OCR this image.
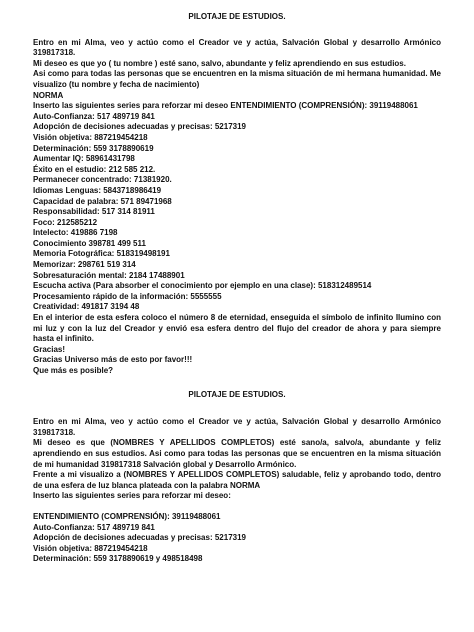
PILOTAJE DE ESTUDIOS.

Entro en mi Alma, veo y actúo como el Creador ve y actúa, Salvación Global y desarrollo Armónico 319817318.

Mi deseo es que yo ( tu nombre ) esté sano, salvo, abundante y feliz aprendiendo en sus estudios.

Asi como para todas las personas que se encuentren en la misma situación de mi hermana humanidad. Me visualizo (tu nombre y fecha de nacimiento)

NORMA

Inserto las siguientes series para reforzar mi deseo ENTENDIMIENTO (COMPRENSIÓN): 39119488061

Auto-Confianza: 517 489719 841

Adopción de decisiones adecuadas y precisas: 5217319

Visión objetiva: 887219454218

Determinación: 559 3178890619

Aumentar IQ: 58961431798

Éxito en el estudio: 212 585 212.

Permanecer concentrado: 71381920.

Idiomas Lenguas: 5843718986419

Capacidad de palabra: 571 89471968

Responsabilidad: 517 314 81911

Foco: 212585212

Intelecto: 419886 7198

Conocimiento 398781 499 511

Memoria Fotográfica: 518319498191

Memorizar: 298761 519 314

Sobresaturación mental: 2184 17488901

Escucha activa (Para absorber el conocimiento por ejemplo en una clase): 518312489514

Procesamiento rápido de la información: 5555555

Creatividad: 491817 3194 48

En el interior de esta esfera coloco el número 8 de eternidad, enseguida el símbolo de infinito Ilumino con mi luz y con la luz del Creador y envió esa esfera dentro del flujo del creador de ahora y para siempre hasta el infinito.

Gracias!

Gracias Universo más de esto por favor!!!

Que más es posible?

PILOTAJE DE ESTUDIOS.

Entro en mi Alma, veo y actúo como el Creador ve y actúa, Salvación Global y desarrollo Armónico 319817318.

Mi deseo es que (NOMBRES Y APELLIDOS COMPLETOS) esté sano/a, salvo/a, abundante y feliz aprendiendo en sus estudios. Asi como para todas las personas que se encuentren en la misma situación de mi humanidad 319817318 Salvación global y Desarrollo Armónico.

Frente a mi visualizo a (NOMBRES Y APELLIDOS COMPLETOS) saludable, feliz y aprobando todo, dentro de una esfera de luz blanca plateada con la palabra NORMA

Inserto las siguientes series para reforzar mi deseo:

ENTENDIMIENTO (COMPRENSIÓN): 39119488061

Auto-Confianza: 517 489719 841

Adopción de decisiones adecuadas y precisas: 5217319

Visión objetiva: 887219454218

Determinación: 559 3178890619 y 498518498
